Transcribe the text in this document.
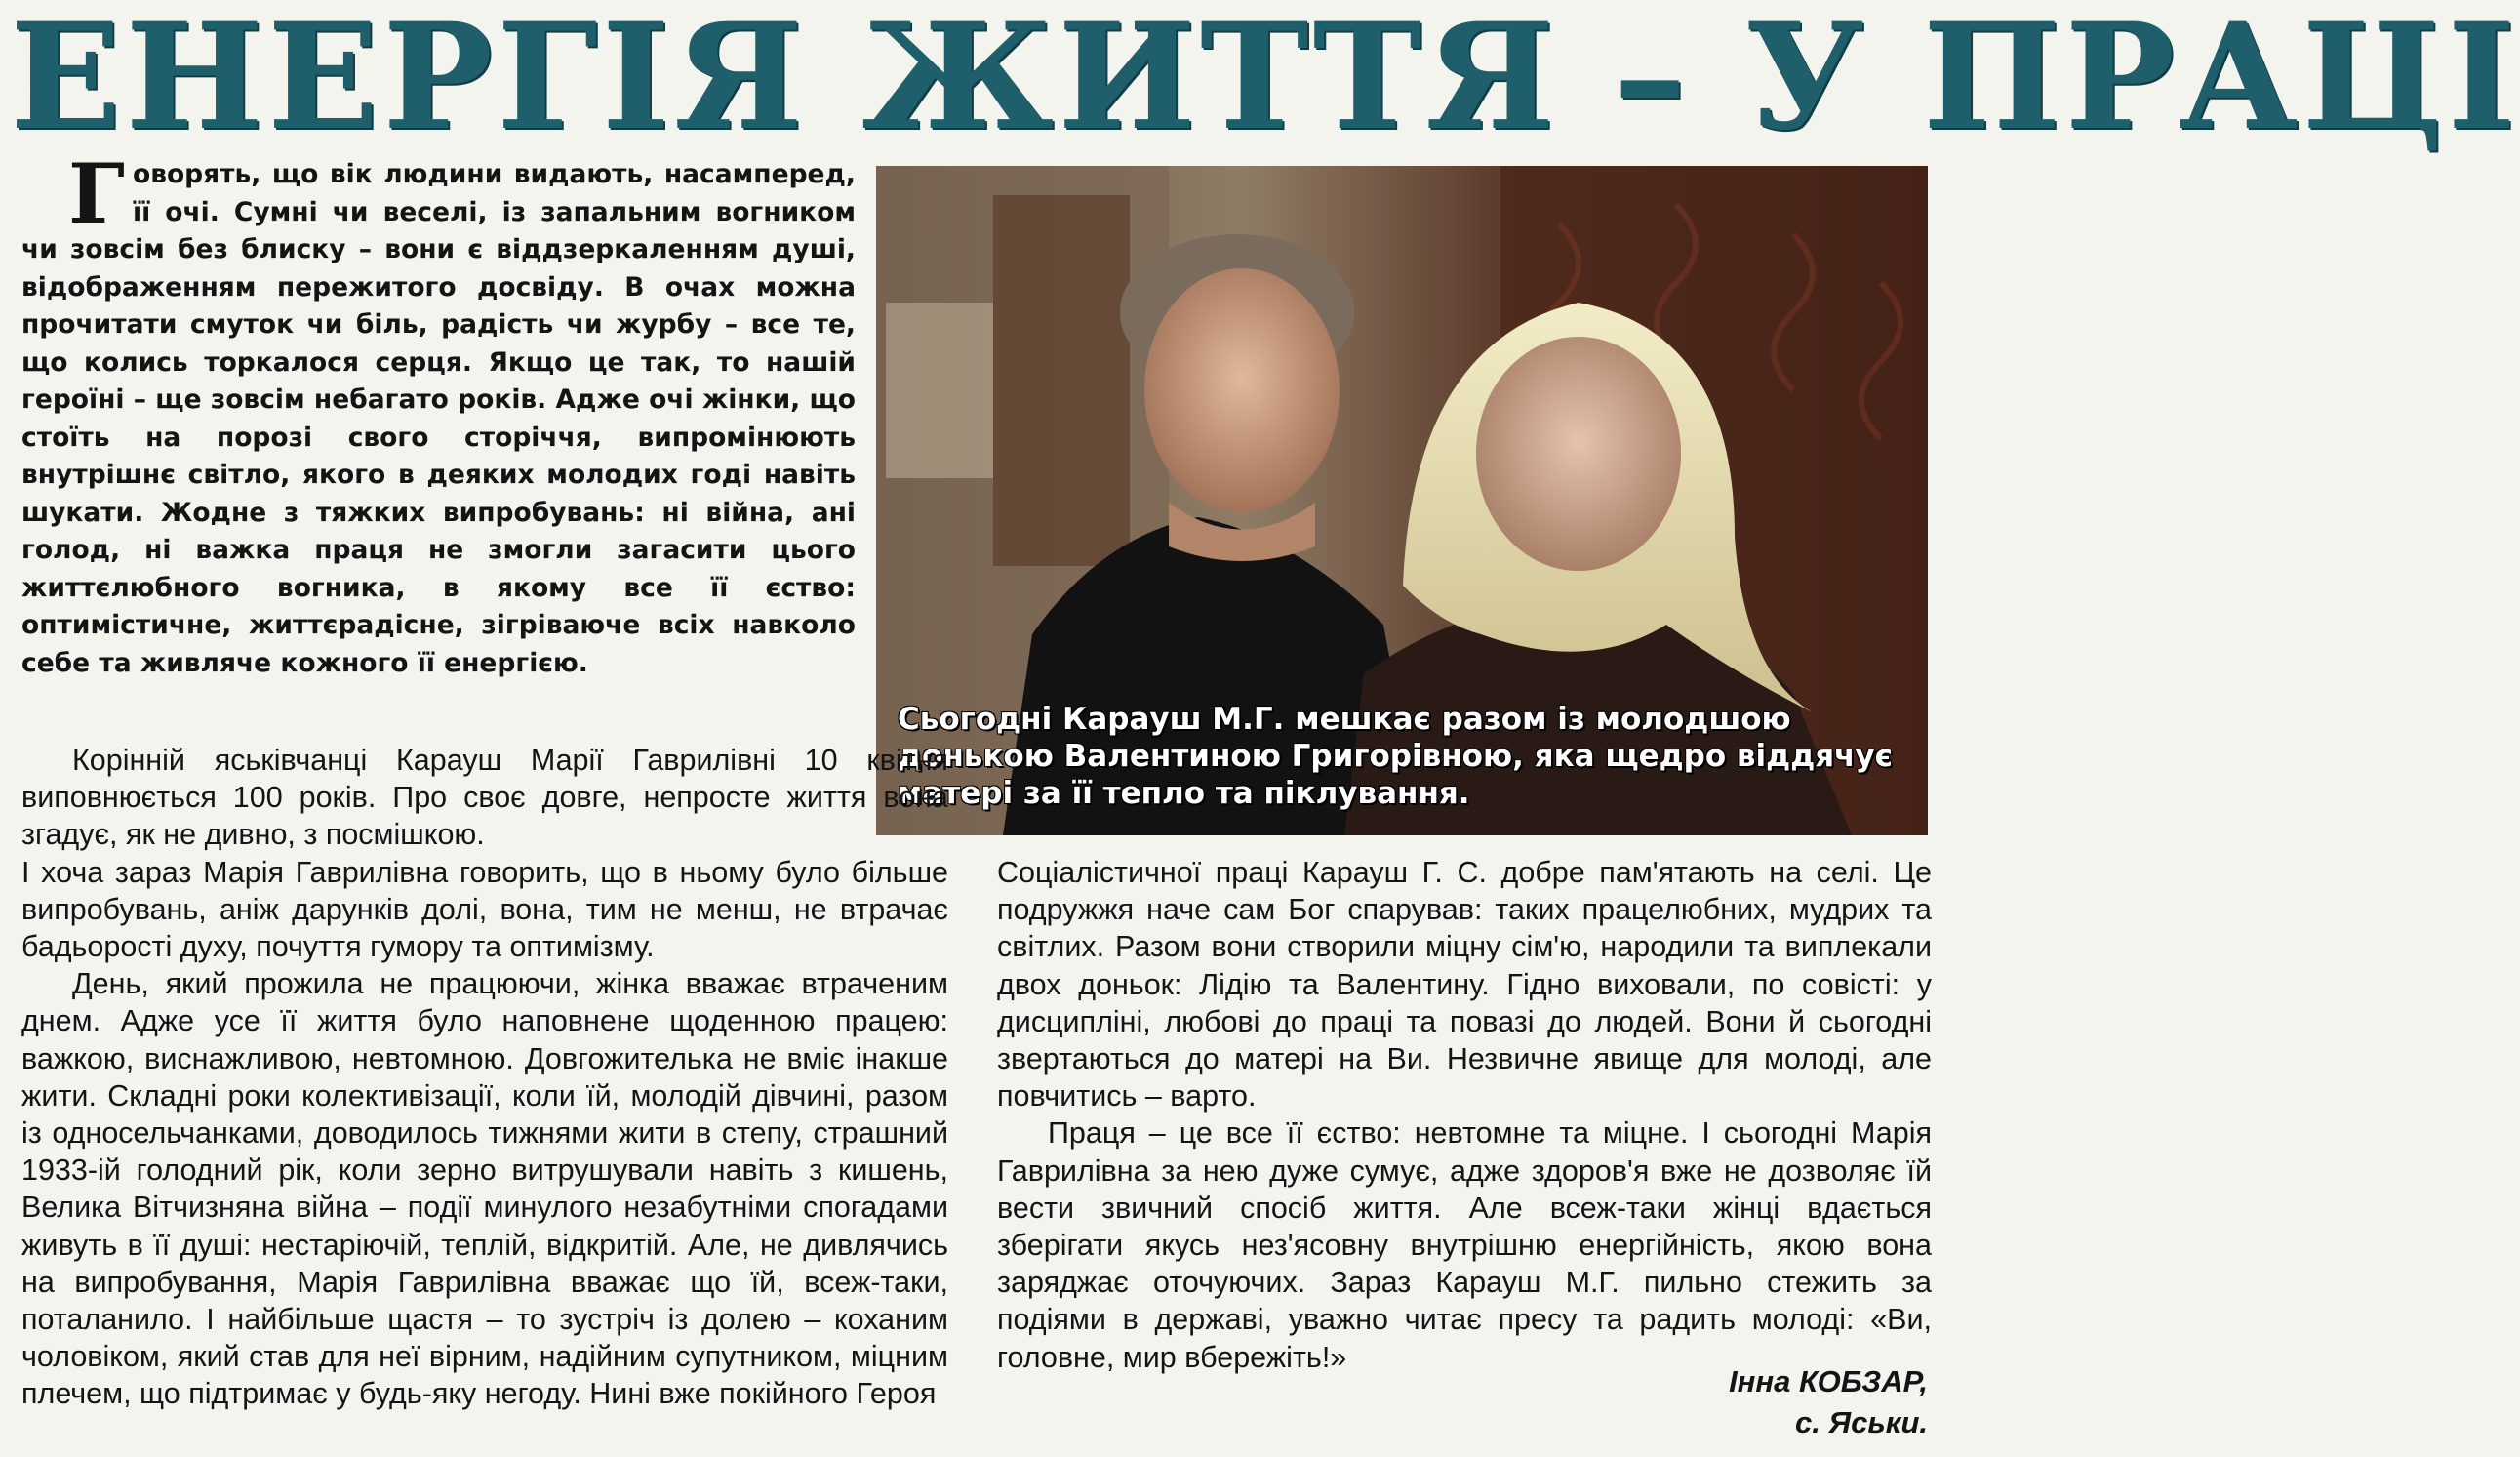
ЕНЕРГІЯ ЖИТТЯ – У ПРАЦІ
Говорять, що вік людини видають, насамперед, її очі. Сумні чи веселі, із запальним вогником чи зовсім без блиску – вони є віддзеркаленням душі, відображенням пережитого досвіду. В очах можна прочитати смуток чи біль, радість чи журбу – все те, що колись торкалося серця. Якщо це так, то нашій героїні – ще зовсім небагато років. Адже очі жінки, що стоїть на порозі свого сторіччя, випромінюють внутрішнє світло, якого в деяких молодих годі навіть шукати. Жодне з тяжких випробувань: ні війна, ані голод, ні важка праця не змогли загасити цього життєлюбного вогника, в якому все її єство: оптимістичне, життєрадісне, зігріваюче всіх навколо себе та живляче кожного її енергією.
Сьогодні Карауш М.Г. мешкає разом із молодшою донькою Валентиною Григорівною, яка щедро віддячує матері за її тепло та піклування.

Корінній яськівчанці Карауш Марії Гаврилівні 10 квітня виповнюється 100 років. Про своє довге, непросте життя вона згадує, як не дивно, з посмішкою.

І хоча зараз Марія Гаврилівна говорить, що в ньому було більше випробувань, аніж дарунків долі, вона, тим не менш, не втрачає бадьорості духу, почуття гумору та оптимізму.

День, який прожила не працюючи, жінка вважає втраченим днем. Адже усе її життя було наповнене щоденною працею: важкою, виснажливою, невтомною. Довгожителька не вміє інакше жити. Складні роки колективізації, коли їй, молодій дівчині, разом із односельчанками, доводилось тижнями жити в степу, страшний 1933-ій голодний рік, коли зерно витрушували навіть з кишень, Велика Вітчизняна війна – події минулого незабутніми спогадами живуть в її душі: нестаріючій, теплій, відкритій. Але, не дивлячись на випробування, Марія Гаврилівна вважає що їй, всеж-таки, поталанило. І найбільше щастя – то зустріч із долею – коханим чоловіком, який став для неї вірним, надійним супутником, міцним плечем, що підтримає у будь-яку негоду. Нині вже покійного Героя

Соціалістичної праці Карауш Г. С. добре пам'ятають на селі. Це подружжя наче сам Бог спарував: таких працелюбних, мудрих та світлих. Разом вони створили міцну сім'ю, народили та виплекали двох доньок: Лідію та Валентину. Гідно виховали, по совісті: у дисципліні, любові до праці та повазі до людей. Вони й сьогодні звертаються до матері на Ви. Незвичне явище для молоді, але повчитись – варто.

Праця – це все її єство: невтомне та міцне. І сьогодні Марія Гаврилівна за нею дуже сумує, адже здоров'я вже не дозволяє їй вести звичний спосіб життя. Але всеж-таки жінці вдається зберігати якусь нез'ясовну внутрішню енергійність, якою вона заряджає оточуючих. Зараз Карауш М.Г. пильно стежить за подіями в державі, уважно читає пресу та радить молоді: «Ви, головне, мир вбережіть!»

Інна КОБЗАР,
с. Яськи.
